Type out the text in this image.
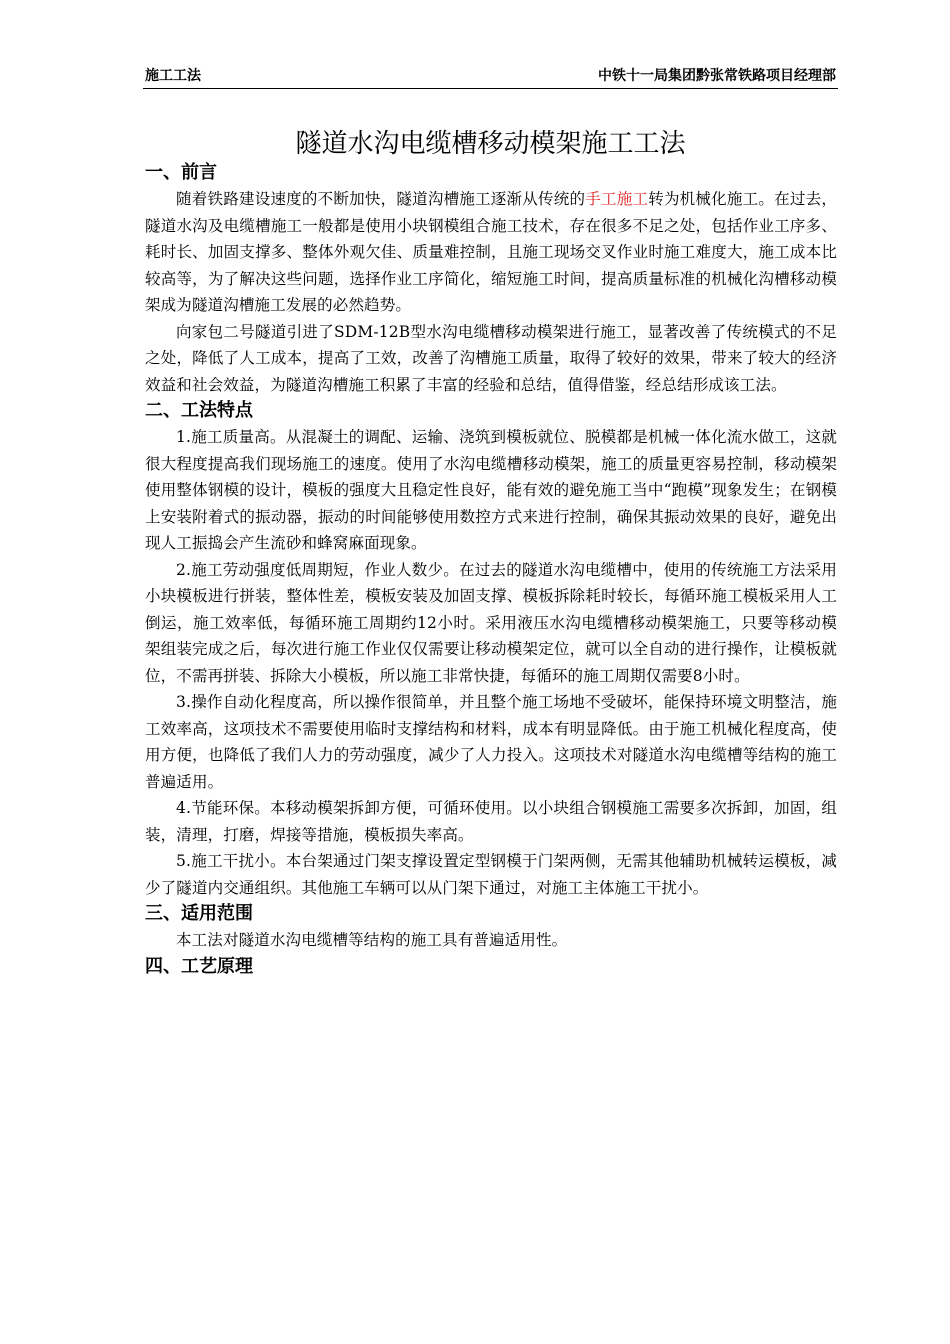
施工工法	中铁十一局集团黔张常铁路项目经理部
隧道水沟电缆槽移动模架施工工法
一、前言

随着铁路建设速度的不断加快，隧道沟槽施工逐渐从传统的手工施工转为机械化施工。在过去，隧道水沟及电缆槽施工一般都是使用小块钢模组合施工技术，存在很多不足之处，包括作业工序多、耗时长、加固支撑多、整体外观欠佳、质量难控制，且施工现场交叉作业时施工难度大，施工成本比较高等，为了解决这些问题，选择作业工序简化，缩短施工时间，提高质量标准的机械化沟槽移动模架成为隧道沟槽施工发展的必然趋势。

向家包二号隧道引进了SDM-12B型水沟电缆槽移动模架进行施工，显著改善了传统模式的不足之处，降低了人工成本，提高了工效，改善了沟槽施工质量，取得了较好的效果，带来了较大的经济效益和社会效益，为隧道沟槽施工积累了丰富的经验和总结，值得借鉴，经总结形成该工法。

二、工法特点

1.施工质量高。从混凝土的调配、运输、浇筑到模板就位、脱模都是机械一体化流水做工，这就很大程度提高我们现场施工的速度。使用了水沟电缆槽移动模架，施工的质量更容易控制，移动模架使用整体钢模的设计，模板的强度大且稳定性良好，能有效的避免施工当中“跑模”现象发生；在钢模上安装附着式的振动器，振动的时间能够使用数控方式来进行控制，确保其振动效果的良好，避免出现人工振捣会产生流砂和蜂窝麻面现象。

2.施工劳动强度低周期短，作业人数少。在过去的隧道水沟电缆槽中，使用的传统施工方法采用小块模板进行拼装，整体性差，模板安装及加固支撑、模板拆除耗时较长，每循环施工模板采用人工倒运，施工效率低，每循环施工周期约12小时。采用液压水沟电缆槽移动模架施工，只要等移动模架组装完成之后，每次进行施工作业仅仅需要让移动模架定位，就可以全自动的进行操作，让模板就位，不需再拼装、拆除大小模板，所以施工非常快捷，每循环的施工周期仅需要8小时。

3.操作自动化程度高，所以操作很简单，并且整个施工场地不受破坏，能保持环境文明整洁，施工效率高，这项技术不需要使用临时支撑结构和材料，成本有明显降低。由于施工机械化程度高，使用方便，也降低了我们人力的劳动强度，减少了人力投入。这项技术对隧道水沟电缆槽等结构的施工普遍适用。

4.节能环保。本移动模架拆卸方便，可循环使用。以小块组合钢模施工需要多次拆卸，加固，组装，清理，打磨，焊接等措施，模板损失率高。

5.施工干扰小。本台架通过门架支撑设置定型钢模于门架两侧，无需其他辅助机械转运模板，减少了隧道内交通组织。其他施工车辆可以从门架下通过，对施工主体施工干扰小。

三、适用范围

本工法对隧道水沟电缆槽等结构的施工具有普遍适用性。

四、工艺原理
